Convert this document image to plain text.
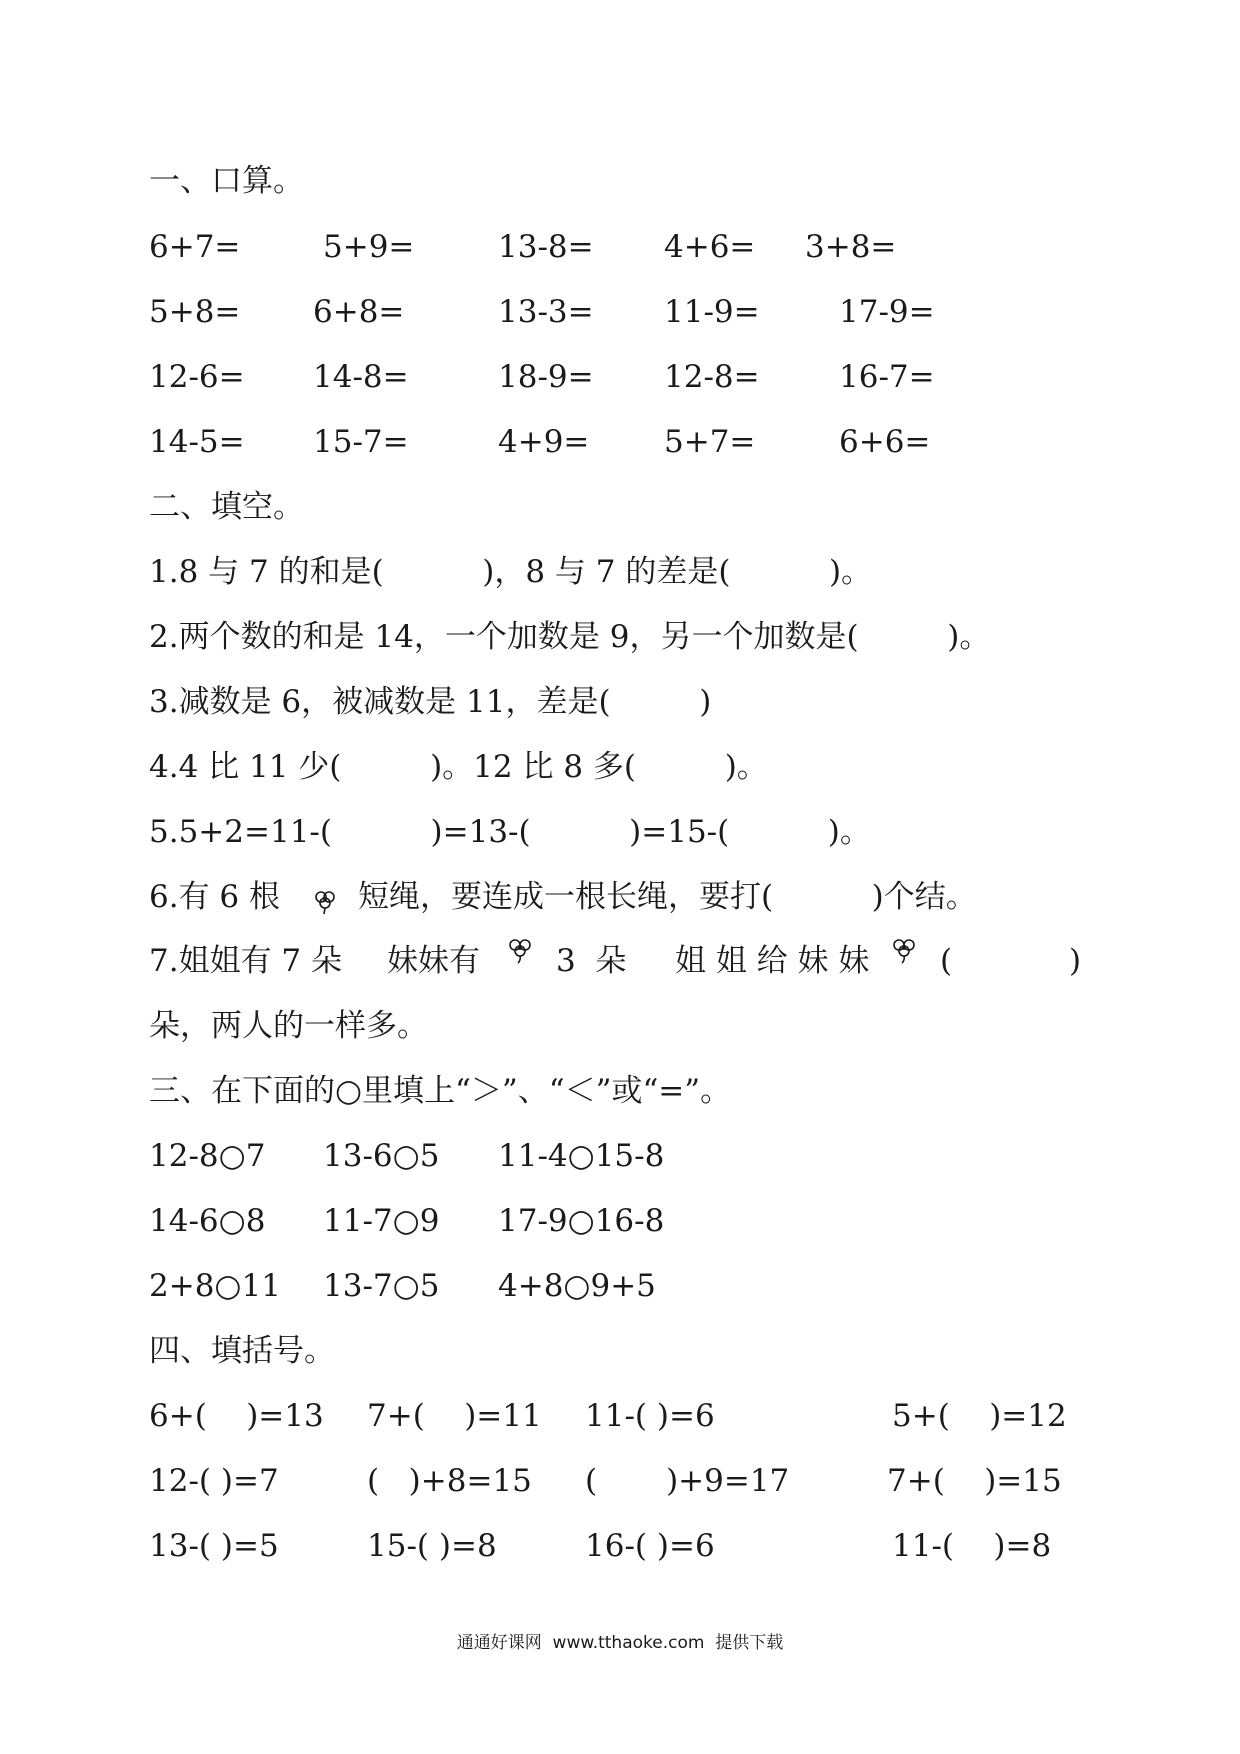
一、口算。
6+7=	5+9=	13-8= 4+6= 3+8=
5+8= 6+8=	13-3= 11-9=	17-9=
12-6= 14-8=	18-9= 12-8=	16-7=
14-5= 15-7=	4+9= 5+7=	6+6=
二、填空。
1.8 与 7 的和是(          )，8 与 7 的差是(          )。
2.两个数的和是 14，一个加数是 9，另一个加数是(         )。
3.减数是 6，被减数是 11，差是(         )
4.4 比 11 少(         )。12 比 8 多(         )。
5.5+2=11-(          )=13-(          )=15-(          )。
6.有 6 根	短绳，要连成一根长绳，要打(          )个结。
7.姐姐有 7 朵 妹妹有 3  朵 姐 姐 给 妹 妹 (	)
朵，两人的一样多。
三、在下面的○里填上“＞”、“＜”或“=”。
12-8○7 13-6○5 11-4○15-8
14-6○8 11-7○9 17-9○16-8
2+8○11 13-7○5 4+8○9+5
四、填括号。
6+(    )=13 7+(    )=11 11-( )=6	5+(    )=12
12-( )=7	(   )+8=15 (       )+9=17	7+(    )=15
13-( )=5	15-( )=8	16-( )=6	11-(    )=8
通通好课网  www.tthaoke.com  提供下载
